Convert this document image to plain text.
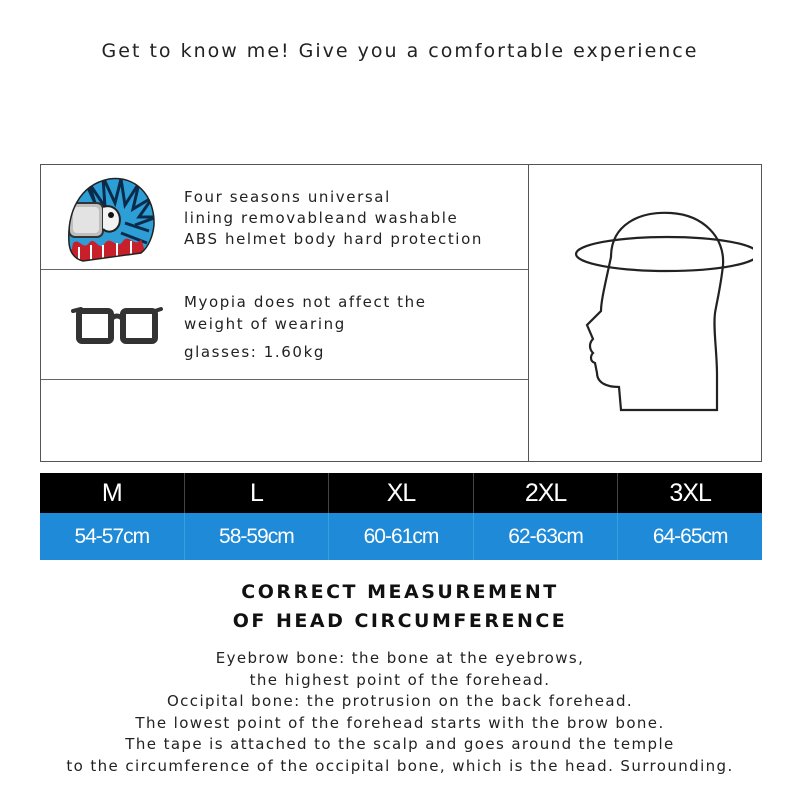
Get to know me! Give you a comfortable experience
Four seasons universal
lining removableand washable
ABS helmet body hard protection
Myopia does not affect the
weight of wearing
glasses: 1.60kg
M	L	XL	2XL	3XL
54-57cm	58-59cm	60-61cm	62-63cm	64-65cm
CORRECT MEASUREMENT
OF HEAD CIRCUMFERENCE
Eyebrow bone: the bone at the eyebrows,
the highest point of the forehead.
Occipital bone: the protrusion on the back forehead.
The lowest point of the forehead starts with the brow bone.
The tape is attached to the scalp and goes around the temple
to the circumference of the occipital bone, which is the head. Surrounding.
